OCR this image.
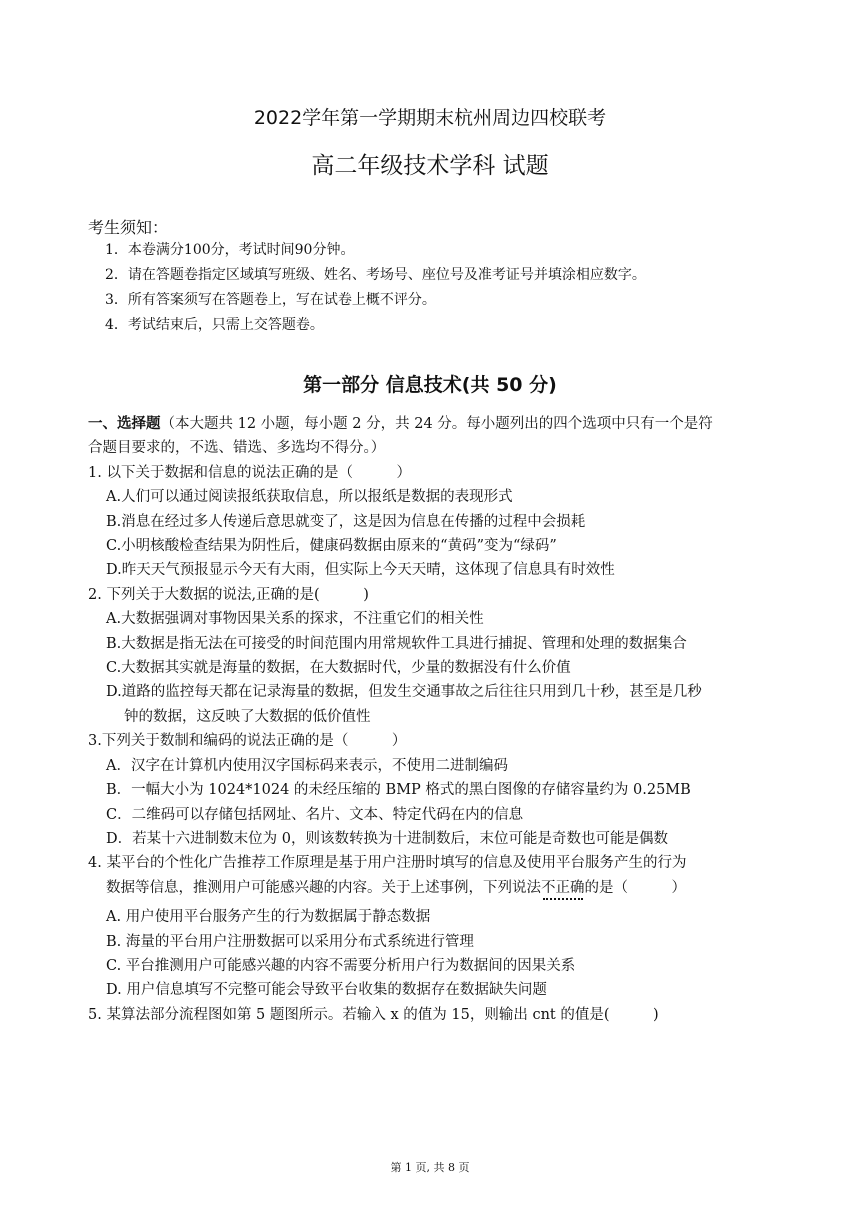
2022学年第一学期期末杭州周边四校联考
高二年级技术学科 试题
考生须知：
1．本卷满分100分，考试时间90分钟。
2．请在答题卷指定区域填写班级、姓名、考场号、座位号及准考证号并填涂相应数字。
3．所有答案须写在答题卷上，写在试卷上概不评分。
4．考试结束后，只需上交答题卷。
第一部分 信息技术(共 50 分)
一、选择题（本大题共 12 小题，每小题 2 分，共 24 分。每小题列出的四个选项中只有一个是符
合题目要求的，不选、错选、多选均不得分。）
1. 以下关于数据和信息的说法正确的是（　　　）
A.人们可以通过阅读报纸获取信息，所以报纸是数据的表现形式
B.消息在经过多人传递后意思就变了，这是因为信息在传播的过程中会损耗
C.小明核酸检查结果为阴性后，健康码数据由原来的“黄码”变为“绿码”
D.昨天天气预报显示今天有大雨，但实际上今天天晴，这体现了信息具有时效性
2. 下列关于大数据的说法,正确的是(　　　)
A.大数据强调对事物因果关系的探求，不注重它们的相关性
B.大数据是指无法在可接受的时间范围内用常规软件工具进行捕捉、管理和处理的数据集合
C.大数据其实就是海量的数据，在大数据时代，少量的数据没有什么价值
D.道路的监控每天都在记录海量的数据，但发生交通事故之后往往只用到几十秒，甚至是几秒
钟的数据，这反映了大数据的低价值性
3.下列关于数制和编码的说法正确的是（　　　）
A．汉字在计算机内使用汉字国标码来表示，不使用二进制编码
B．一幅大小为 1024*1024 的未经压缩的 BMP 格式的黑白图像的存储容量约为 0.25MB
C．二维码可以存储包括网址、名片、文本、特定代码在内的信息
D．若某十六进制数末位为 0，则该数转换为十进制数后，末位可能是奇数也可能是偶数
4. 某平台的个性化广告推荐工作原理是基于用户注册时填写的信息及使用平台服务产生的行为
数据等信息，推测用户可能感兴趣的内容。关于上述事例，下列说法不正确的是（　　　）
A. 用户使用平台服务产生的行为数据属于静态数据
B. 海量的平台用户注册数据可以采用分布式系统进行管理
C. 平台推测用户可能感兴趣的内容不需要分析用户行为数据间的因果关系
D. 用户信息填写不完整可能会导致平台收集的数据存在数据缺失问题
5. 某算法部分流程图如第 5 题图所示。若输入 x 的值为 15，则输出 cnt 的值是(　　　)
第 1 页, 共 8 页
